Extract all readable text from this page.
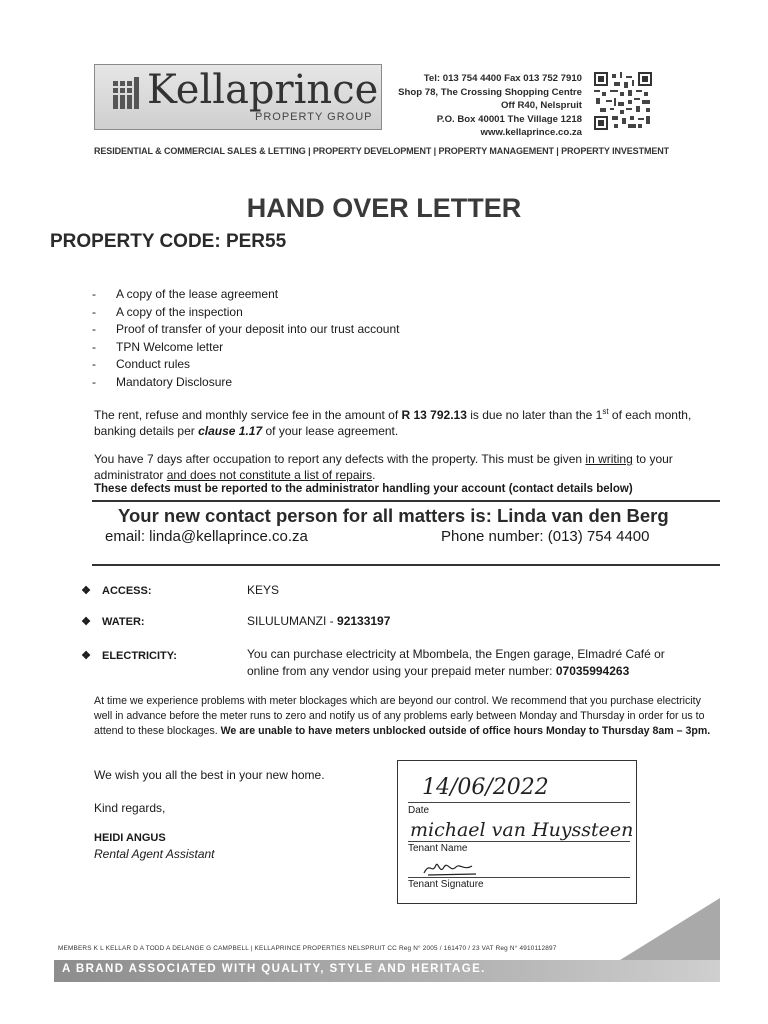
Kellaprince
PROPERTY GROUP
Tel: 013 754 4400 Fax 013 752 7910
Shop 78, The Crossing Shopping Centre
Off R40, Nelspruit
P.O. Box 40001 The Village 1218
www.kellaprince.co.za
RESIDENTIAL & COMMERCIAL SALES & LETTING | PROPERTY DEVELOPMENT | PROPERTY MANAGEMENT | PROPERTY INVESTMENT
HAND OVER LETTER
PROPERTY CODE: PER55
-	A copy of the lease agreement
-	A copy of the inspection
-	Proof of transfer of your deposit into our trust account
-	TPN Welcome letter
-	Conduct rules
-	Mandatory Disclosure
The rent, refuse and monthly service fee in the amount of R 13 792.13 is due no later than the 1st of each month, banking details per clause 1.17 of your lease agreement.
You have 7 days after occupation to report any defects with the property. This must be given in writing to your administrator and does not constitute a list of repairs.
These defects must be reported to the administrator handling your account (contact details below)
Your new contact person for all matters is: Linda van den Berg
email: linda@kellaprince.co.za	Phone number: (013) 754 4400
❖ ACCESS:	KEYS
❖ WATER:	SILULUMANZI - 92133197
❖ ELECTRICITY:	You can purchase electricity at Mbombela, the Engen garage, Elmadré Café or
online from any vendor using your prepaid meter number: 07035994263
At time we experience problems with meter blockages which are beyond our control. We recommend that you purchase electricity well in advance before the meter runs to zero and notify us of any problems early between Monday and Thursday in order for us to attend to these blockages. We are unable to have meters unblocked outside of office hours Monday to Thursday 8am – 3pm.
We wish you all the best in your new home.
Kind regards,
HEIDI ANGUS
Rental Agent Assistant
14/06/2022
Date
michael van Huyssteen
Tenant Name
Tenant Signature
MEMBERS K L KELLAR D A TODD A DELANGE G CAMPBELL | KELLAPRINCE PROPERTIES NELSPRUIT CC Reg N° 2005 / 161470 / 23 VAT Reg N° 4910112897
A BRAND ASSOCIATED WITH QUALITY, STYLE AND HERITAGE.
